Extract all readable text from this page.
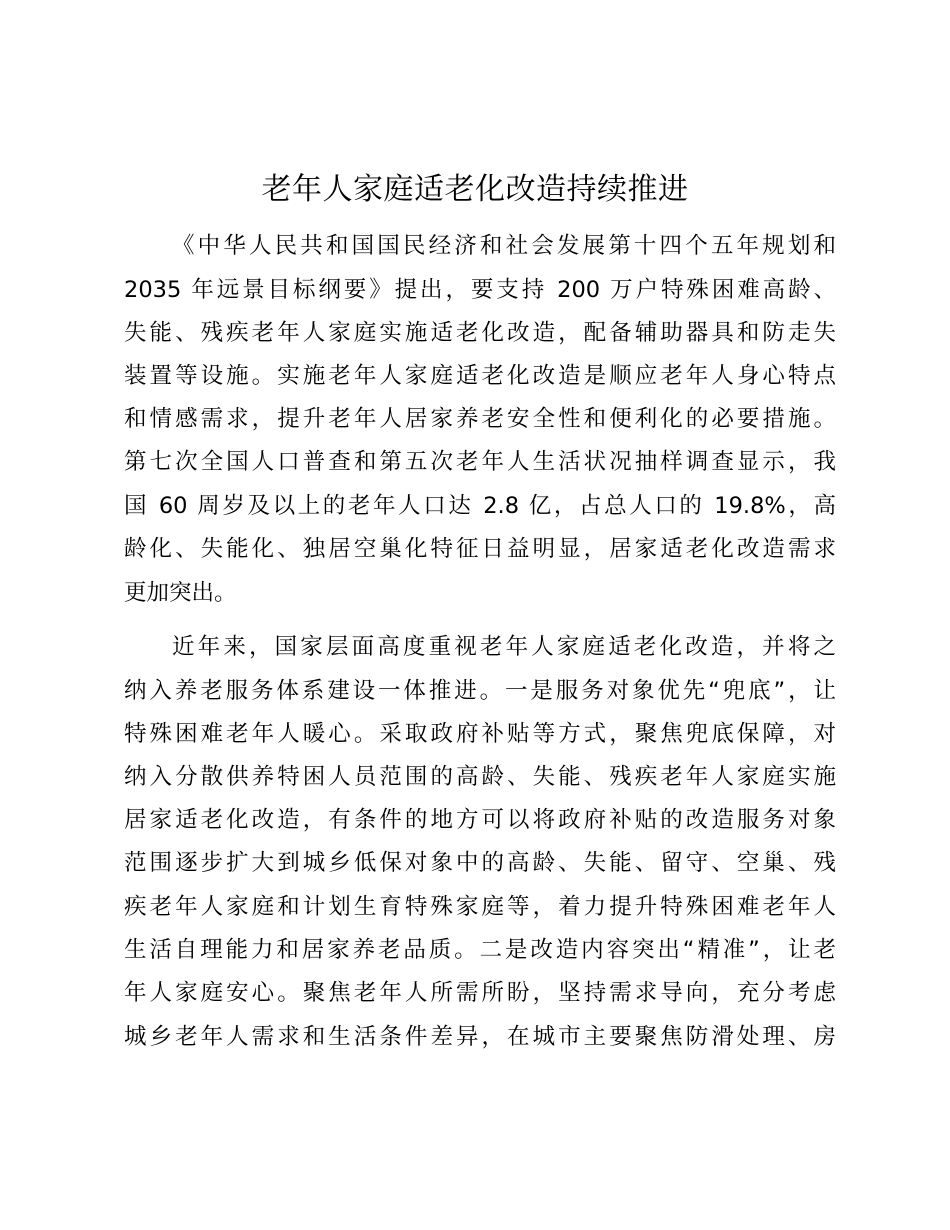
老年人家庭适老化改造持续推进
《中华人民共和国国民经济和社会发展第十四个五年规划和
2035 年远景目标纲要》提出，要支持 200 万户特殊困难高龄、
失能、残疾老年人家庭实施适老化改造，配备辅助器具和防走失
装置等设施。实施老年人家庭适老化改造是顺应老年人身心特点
和情感需求，提升老年人居家养老安全性和便利化的必要措施。
第七次全国人口普查和第五次老年人生活状况抽样调查显示，我
国 60 周岁及以上的老年人口达 2.8 亿，占总人口的 19.8%，高
龄化、失能化、独居空巢化特征日益明显，居家适老化改造需求
更加突出。
近年来，国家层面高度重视老年人家庭适老化改造，并将之
纳入养老服务体系建设一体推进。一是服务对象优先“兜底”，让
特殊困难老年人暖心。采取政府补贴等方式，聚焦兜底保障，对
纳入分散供养特困人员范围的高龄、失能、残疾老年人家庭实施
居家适老化改造，有条件的地方可以将政府补贴的改造服务对象
范围逐步扩大到城乡低保对象中的高龄、失能、留守、空巢、残
疾老年人家庭和计划生育特殊家庭等，着力提升特殊困难老年人
生活自理能力和居家养老品质。二是改造内容突出“精准”，让老
年人家庭安心。聚焦老年人所需所盼，坚持需求导向，充分考虑
城乡老年人需求和生活条件差异，在城市主要聚焦防滑处理、房
